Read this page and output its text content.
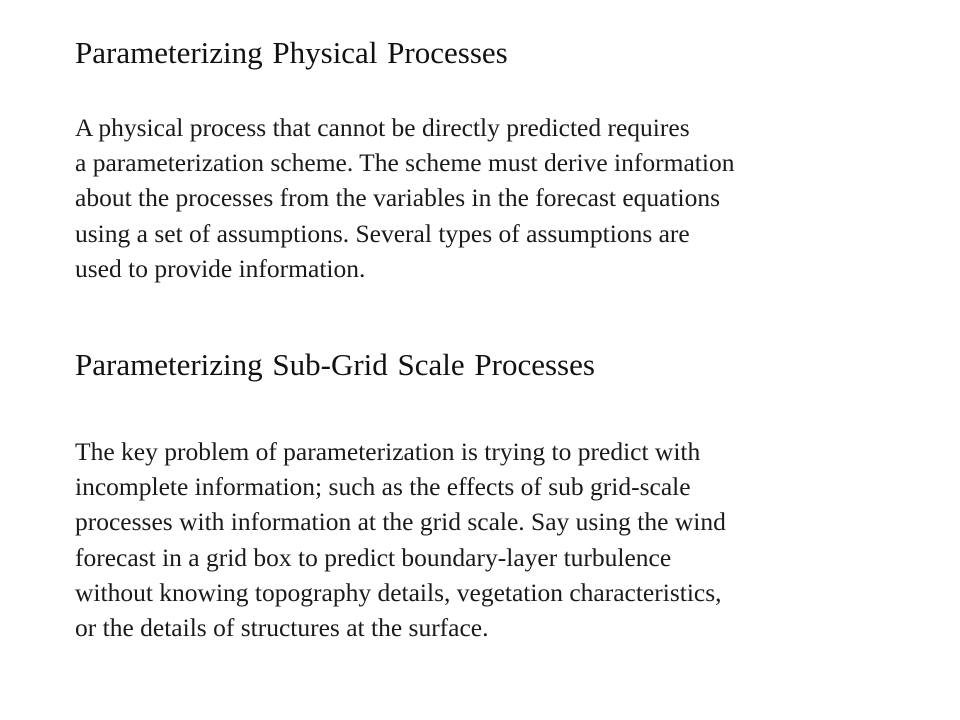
Parameterizing Physical Processes

A physical process that cannot be directly predicted requires
a parameterization scheme. The scheme must derive information
about the processes from the variables in the forecast equations
using a set of assumptions. Several types of assumptions are
used to provide information.

Parameterizing Sub-Grid Scale Processes

The key problem of parameterization is trying to predict with
incomplete information; such as the effects of sub grid-scale
processes with information at the grid scale. Say using the wind
forecast in a grid box to predict boundary-layer turbulence
without knowing topography details, vegetation characteristics,
or the details of structures at the surface.
